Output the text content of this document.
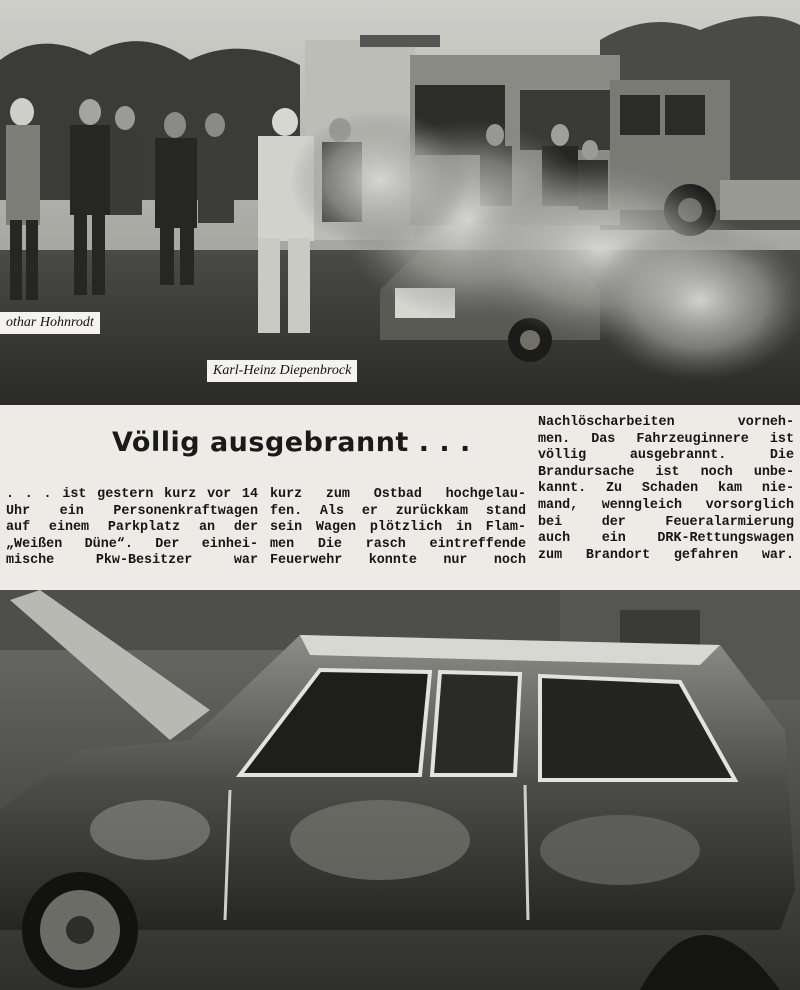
othar Hohnrodt
Karl-Heinz Diepenbrock
Völlig ausgebrannt . . .
. . . ist gestern kurz vor 14
Uhr ein Personenkraftwagen
auf einem Parkplatz an der
„Weißen Düne“. Der einhei-
mische Pkw-Besitzer war
kurz zum Ostbad hochgelau-
fen. Als er zurückkam stand
sein Wagen plötzlich in Flam-
men Die rasch eintreffende
Feuerwehr konnte nur noch
Nachlöscharbeiten vorneh-
men. Das Fahrzeuginnere ist
völlig ausgebrannt. Die
Brandursache ist noch unbe-
kannt. Zu Schaden kam nie-
mand, wenngleich vorsorglich
bei der Feueralarmierung
auch ein DRK-Rettungswagen
zum Brandort gefahren war.
